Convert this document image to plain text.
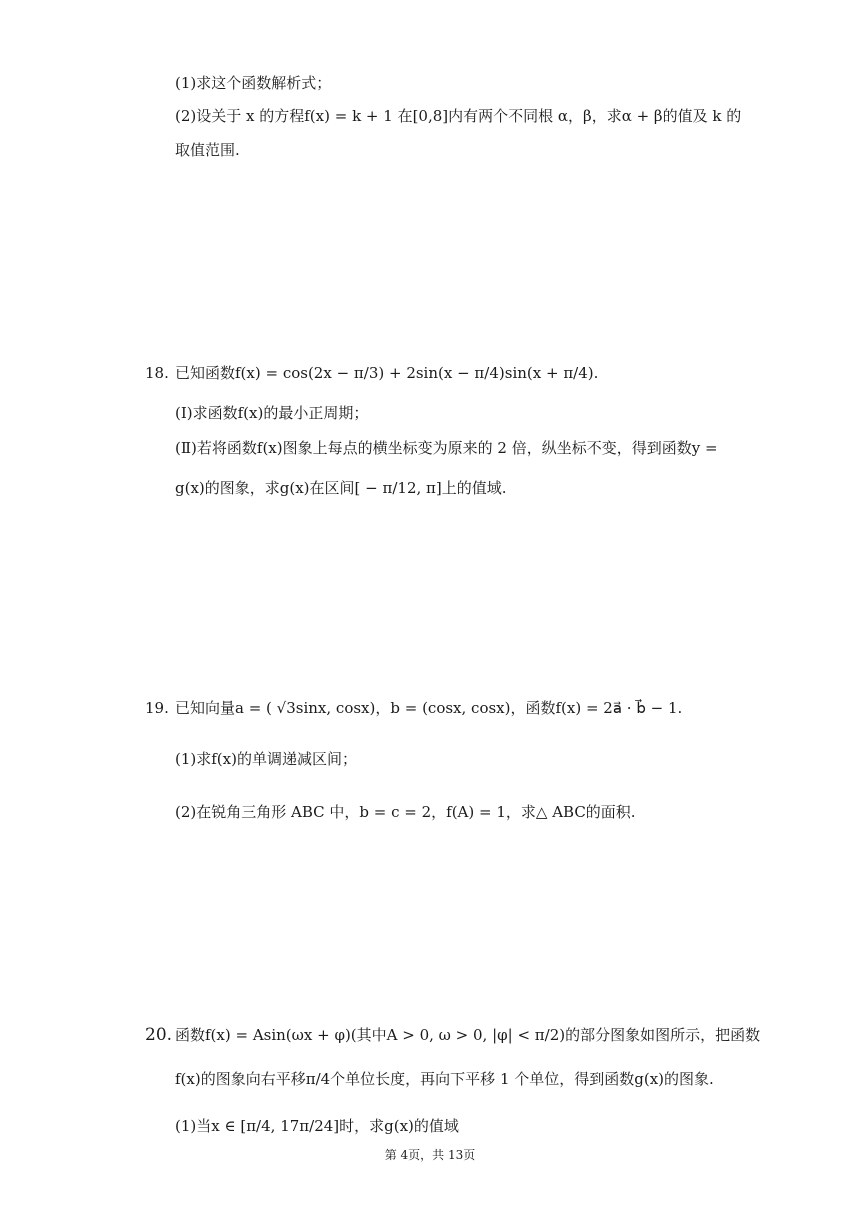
(1)求这个函数解析式；
(2)设关于 x 的方程f(x) = k + 1 在[0,8]内有两个不同根 α，β，求α + β的值及 k 的
取值范围.
18. 已知函数f(x) = cos(2x − π/3) + 2sin(x − π/4)sin(x + π/4).
(Ⅰ)求函数f(x)的最小正周期；
(Ⅱ)若将函数f(x)图象上每点的横坐标变为原来的 2 倍，纵坐标不变，得到函数y =
g(x)的图象，求g(x)在区间[ − π/12, π]上的值域.
19. 已知向量a = ( √3sinx, cosx)，b = (cosx, cosx)，函数f(x) = 2a⃗ · b⃗ − 1.
(1)求f(x)的单调递减区间；
(2)在锐角三角形 ABC 中，b = c = 2，f(A) = 1，求△ ABC的面积.
20. 函数f(x) = Asin(ωx + φ)(其中A > 0, ω > 0, |φ| < π/2)的部分图象如图所示，把函数
f(x)的图象向右平移π/4个单位长度，再向下平移 1 个单位，得到函数g(x)的图象.
(1)当x ∈ [π/4, 17π/24]时，求g(x)的值域
第 4页，共 13页
